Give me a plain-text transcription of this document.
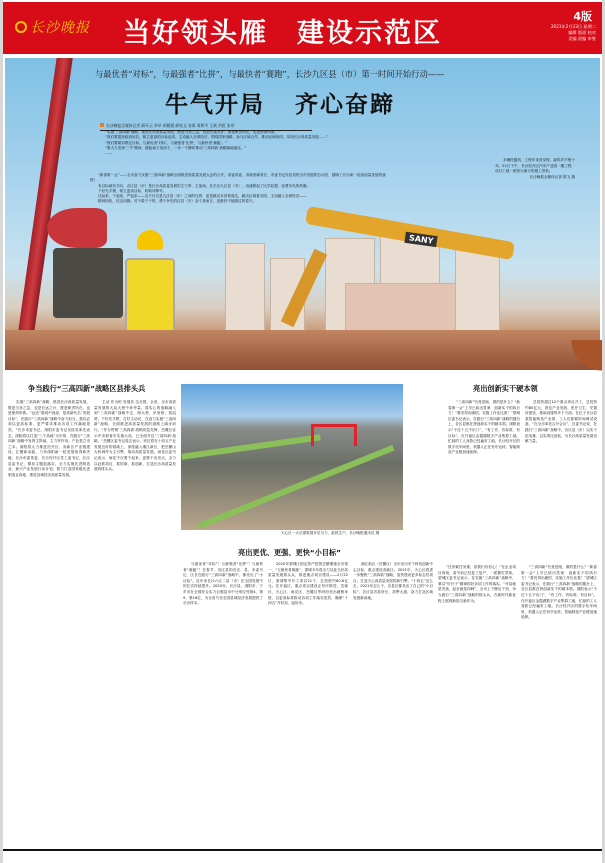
长沙晚报 当好领头雁　建设示范区
4版
2021年2月23日 星期二
编辑 版面 校对
美编 责编 审签
SANY
与最优者“对标”，与最强者“比拼”，与最快者“赛跑”，长沙九区县（市）第一时间开始行动——
牛气开局 齐心奋蹄
长沙晚报全媒体记者 颜开云 李卓 胡媛媛 颜家文 张禹 周和平 王斌 洪虹 朱华

“实施‘三高四新’战略，推进长沙高质量发展，既是当务之急，也是长远大计；既是职责所在，也是使命所系。”

“我们要提高政治站位，树立更高的目标追求，主动融入全球经济，围绕国家战略，参与区域合作，推动区域协同，实现长沙高质量发展……”

“我们要紧扣既定目标，与最优者‘对标’，与最强者‘比拼’，与最快者‘赛跑’。”

“要大力发扬‘三牛’精神，撸起袖子加油干，一步一个脚印推动‘三高四新’战略落地落实。”

……

“新春第一会”——全市奋力实施“三高四新”战略全面推进高质量发展大会的召开，省委常委、省政府副省长，市委书记吴桂英的全市发展的总动员，擂响了长沙新一轮高质量发展的战鼓！

有目标就有方向，各区县（市）是长沙高质量发展的主力军、主战场。在长沙九区县（市），迅速掀起了比学赶超、奋勇争先的热潮。

下好先手棋，树立更高目标，吹响冲锋号。

比起来，干起来，严起来——这不仅仅是九区县（市）之间的比拼，更是跳出本省看周边，跳出区域看全国，主动融入全球经济——

精神如炬，信念如磐。对于敢于干的，勇于争先的区县（市）奋斗者而言，是最好不能错过的春天。

多辆挖掘机、工程车来回穿梭，轰鸣声不绝于耳。22日下午，长沙经开区汽车产业园一期工程项目工地一派热火朝天的施工景象。
长沙晚报全媒体记者 陈飞 摄
争当践行“三高四新”战略区县排头兵

实施“三高四新”战略，推进长沙高质量发展，既是当务之急，也是长远之计，既是职责所在，也是使命所系。“远近”看到中西部，是高新代名“发展目标”，在践行“三高四新”战略中奋力担当，我们必须以更高标准、更严要求推动各项工作落地见效。“长沙市委书记，浏阳市委书记吴桂英率先表态，浏阳将以打造“三个高地”为引领，在践行“三高四新”战略中发挥主阵地、主力军作用。产业是立市之本。浏阳将大力推进经开区、高新区产业链建设，汇聚新动能，力争浏阳新一轮发展取得新突破。长沙市委常委、长沙经开区党工委书记、长沙县委书记，紧扣主题抓落实，全力实施先进制造业、新兴产业发展行动计划，着力打造国家级先进制造业高地，推进县域经济高质量发展。

主动 作为的 发展状 态全国，全省，全市高质量发展的大局大势中来考量，将实心的战略融入到“三高四新”战略中去，明大势，识形势，知趋势，下好先手棋，打好主动仗，在奋力实施“三高四新”战略，全面推进高质量发展的道路上阔步前行。“作为贯彻‘三高四新’战略的急先锋，岳麓区宣示中央和省市实施大局，已全面开启‘三高四新’战略。“岳麓区委书记周志表示，该区将在十四五产业发展良好的基础上，深度融入湘江新区，把岳麓山大科城作为主引擎，推动高质量发展。雨花区委书记表示，雨花不仅要干起来，更要干出亮点，全力以赴抓项目、抓招商、抓创新，打造长沙高质量发展的排头兵。

天心区一大宗建筑园开足马力，抢抓生产。长沙晚报通讯员 摄
亮出更优、更强、更快“小目标”

与最优者“对标”！与最强者“比拼”！与最快者“赛跑”！在春节，各区县的各区、县、市委书记、区长在践行“三高四新”战略中，都亮出了“小目标”。近年来长沙六区二县（市）在全国发展中的位次持续提升。2020年，长沙县、浏阳市、宁乡市在全国综合实力百强县市中分别位列第4、第9、第16位，为全省乃至全国县域经济发展提供了长沙样本。

2020年望城区固定资产投资总额增速全市第一，“与最快者赛跑”，望城今年将全力以赴当好高质量发展排头兵，推进重点项目建设——2月22日，望城集中开工项目21个，总投资约80.8亿元。在开福区，重点项目建设正有序推进，芙蓉区、天心区、雨花区、岳麓区等纷纷亮出硬核举措，以更高标准推动各项工作落实见效，确保“十四五”开好局、起好步。

湘江新区（岳麓区）全年亮出多个科技创新中心目标，重点建设高新区。2021年，天心区将进一步聚焦“三高四新”战略，加快建设更多标志性项目，打造天心高质量发展的新引擎。“十四五”怎么走，2021年怎么干，各县区都亮出了自己的“小目标”，各区县各显所长、高擎大旗，奋力打造区域发展新高地。

亮出创新实干硬本领

“三高四新”究竟是啥，做的是什么？“新春第一会”上早已给出答案：创新实干的执行力！“要亮得出硬招，实施工作比比看！”望城区委书记表示，在践行“三高四新”战略的擂台上，各区县都在拼创新实干的硬本领。浏阳表示“不过十五不出门”，“有工作、有标准、有目标”。在开福区金霞湖数字产业集群工地，忙碌的工人身影已经遍布工地。长沙经开区的数字化车间里，机器人正在有序运转，智能制造产业链加速延伸。

总投资超过12个重点项目开工，总投资约80亿元，涉及产业发展、医疗卫生、安置房建设、基础设施等多个方面。在位于长沙县某智能制造产业园，工人们抓紧时间调试设备。“在全市率先召开会议”，区委书记说，在践行“三高四新”战略中，各区县（市）以实干论英雄、以实绩比高低，为长沙高质量发展贡献力量。

“任务紧任务重，但我们有信心！”在企业项目现场，春节前已经复工复产，一派繁忙景象。望城区委书记表示，在实施“三高四新”战略中，要以“钉钉子”精神抓好各项工作的落实。“开局就是决战，起步就是冲刺”，全市上下铆足干劲，争当践行“三高四新”战略的排头兵，在新时代新征程上展现新担当新作为。

“三高四新”究竟是啥，做的是什么？“新春第一会”上早已给出答案：创新实干的执行力！“要亮得出硬招，实施工作比比看！”望城区委书记表示，在践行“三高四新”战略的擂台上，各区县都在拼创新实干的硬本领。浏阳表示“不过十五不出门”，“有工作、有标准、有目标”。在开福区金霞湖数字产业集群工地，忙碌的工人身影已经遍布工地。长沙经开区的数字化车间里，机器人正在有序运转，智能制造产业链加速延伸。
